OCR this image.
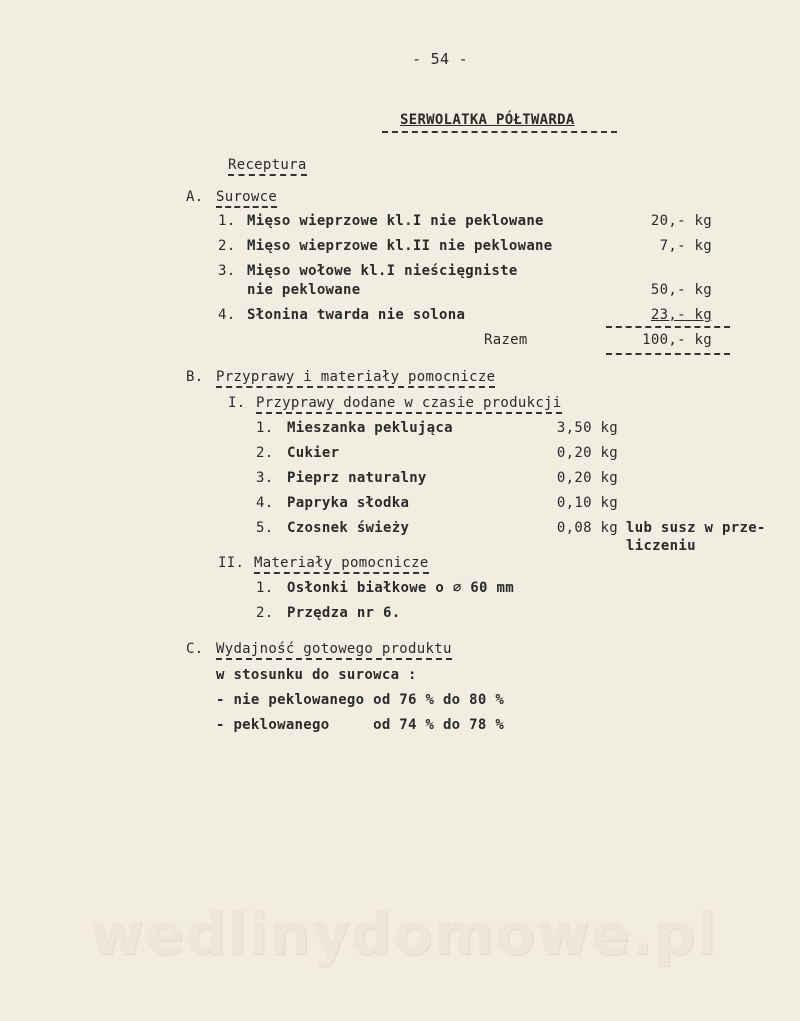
- 54 -
SERWOLATKA PÓŁTWARDA
Receptura
A. Surowce
1. Mięso wieprzowe kl.I nie peklowane	20,- kg
2. Mięso wieprzowe kl.II nie peklowane	7,- kg
3. Mięso wołowe kl.I nieścięgniste
nie peklowane	50,- kg
4. Słonina twarda nie solona	23,- kg
Razem	100,- kg
B. Przyprawy i materiały pomocnicze
I. Przyprawy dodane w czasie produkcji
1. Mieszanka peklująca	3,50 kg
2. Cukier	0,20 kg
3. Pieprz naturalny	0,20 kg
4. Papryka słodka	0,10 kg
5. Czosnek świeży	0,08 kg lub susz w prze-
liczeniu
II. Materiały pomocnicze
1. Osłonki białkowe o ∅ 60 mm
2. Przędza nr 6.
C. Wydajność gotowego produktu
w stosunku do surowca :
- nie peklowanego od 76 % do 80 %
- peklowanego     od 74 % do 78 %
wedlinydomowe.pl
